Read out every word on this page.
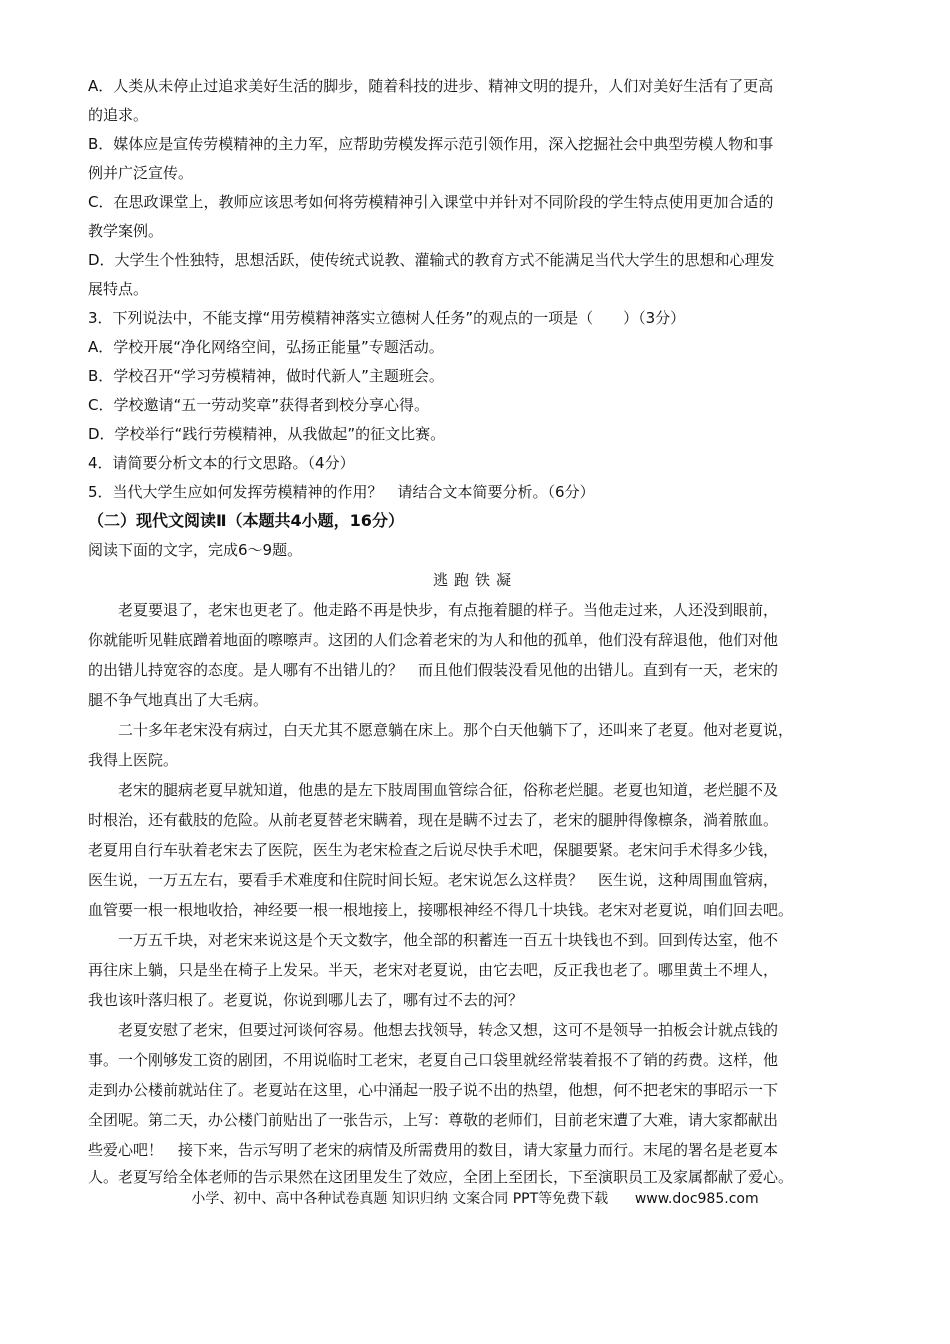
A．人类从未停止过追求美好生活的脚步，随着科技的进步、精神文明的提升，人们对美好生活有了更高
的追求。
B．媒体应是宣传劳模精神的主力军，应帮助劳模发挥示范引领作用，深入挖掘社会中典型劳模人物和事
例并广泛宣传。
C．在思政课堂上，教师应该思考如何将劳模精神引入课堂中并针对不同阶段的学生特点使用更加合适的
教学案例。
D．大学生个性独特，思想活跃，使传统式说教、灌输式的教育方式不能满足当代大学生的思想和心理发
展特点。
3．下列说法中，不能支撑“用劳模精神落实立德树人任务”的观点的一项是（　　）（3分）
A．学校开展“净化网络空间，弘扬正能量”专题活动。
B．学校召开“学习劳模精神，做时代新人”主题班会。
C．学校邀请“五一劳动奖章”获得者到校分享心得。
D．学校举行“践行劳模精神，从我做起”的征文比赛。
4．请简要分析文本的行文思路。（4分）
5．当代大学生应如何发挥劳模精神的作用？　请结合文本简要分析。（6分）
（二）现代文阅读Ⅱ（本题共4小题，16分）
阅读下面的文字，完成6～9题。
逃跑铁凝
　　老夏要退了，老宋也更老了。他走路不再是快步，有点拖着腿的样子。当他走过来，人还没到眼前，
你就能听见鞋底蹭着地面的嚓嚓声。这团的人们念着老宋的为人和他的孤单，他们没有辞退他，他们对他
的出错儿持宽容的态度。是人哪有不出错儿的？　而且他们假装没看见他的出错儿。直到有一天，老宋的
腿不争气地真出了大毛病。
　　二十多年老宋没有病过，白天尤其不愿意躺在床上。那个白天他躺下了，还叫来了老夏。他对老夏说，
我得上医院。
　　老宋的腿病老夏早就知道，他患的是左下肢周围血管综合征，俗称老烂腿。老夏也知道，老烂腿不及
时根治，还有截肢的危险。从前老夏替老宋瞒着，现在是瞒不过去了，老宋的腿肿得像檩条，淌着脓血。
老夏用自行车驮着老宋去了医院，医生为老宋检查之后说尽快手术吧，保腿要紧。老宋问手术得多少钱，
医生说，一万五左右，要看手术难度和住院时间长短。老宋说怎么这样贵？　医生说，这种周围血管病，
血管要一根一根地收拾，神经要一根一根地接上，接哪根神经不得几十块钱。老宋对老夏说，咱们回去吧。
　　一万五千块，对老宋来说这是个天文数字，他全部的积蓄连一百五十块钱也不到。回到传达室，他不
再往床上躺，只是坐在椅子上发呆。半天，老宋对老夏说，由它去吧，反正我也老了。哪里黄土不埋人，
我也该叶落归根了。老夏说，你说到哪儿去了，哪有过不去的河？
　　老夏安慰了老宋，但要过河谈何容易。他想去找领导，转念又想，这可不是领导一拍板会计就点钱的
事。一个刚够发工资的剧团，不用说临时工老宋，老夏自己口袋里就经常装着报不了销的药费。这样，他
走到办公楼前就站住了。老夏站在这里，心中涌起一股子说不出的热望，他想，何不把老宋的事昭示一下
全团呢。第二天，办公楼门前贴出了一张告示，上写：尊敬的老师们，目前老宋遭了大难，请大家都献出
些爱心吧！　接下来，告示写明了老宋的病情及所需费用的数目，请大家量力而行。末尾的署名是老夏本
人。老夏写给全体老师的告示果然在这团里发生了效应，全团上至团长，下至演职员工及家属都献了爱心。
小学、初中、高中各种试卷真题 知识归纳 文案合同 PPT等免费下载      www.doc985.com
